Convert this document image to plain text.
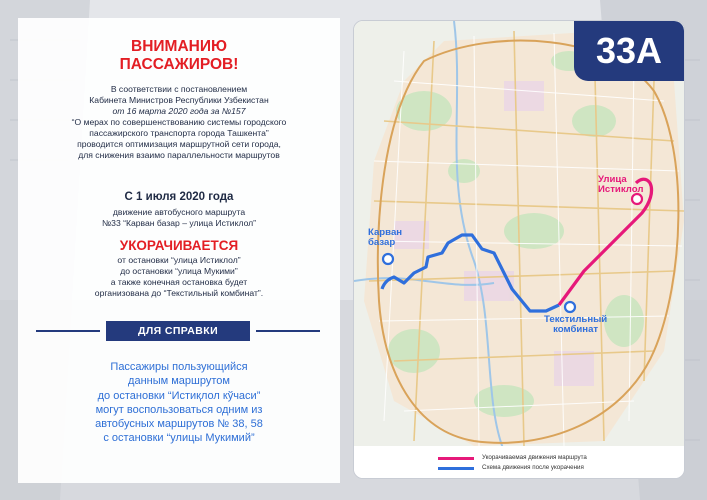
ВНИМАНИЮ
ПАССАЖИРОВ!
В соответствии с постановлением
Кабинета Министров Республики Узбекистан
от 16 марта 2020 года за №157
“О мерах по совершенствованию системы городского
пассажирского транспорта города Ташкента”
проводится оптимизация маршрутной сети города,
для снижения взаимо параллельности маршрутов
С 1 июля 2020 года
движение автобусного маршрута
№33 “Карван базар – улица Истиклол”
УКОРАЧИВАЕТСЯ
от остановки “улица Истиклол”
до остановки “улица Мукими”
а также конечная остановка будет
организована до “Текстильный комбинат”.
ДЛЯ СПРАВКИ
Пассажиры пользующийся
данным маршрутом
до остановки “Истиқлол кўчаси”
могут воспользоваться одним из
автобусных маршрутов № 38, 58
с остановки “улицы Мукимий”
33А
Карван
базар
Улица
Истиклол
Текстильный
комбинат
Укорачиваемая движения маршрута
Схема движения после укорачения
